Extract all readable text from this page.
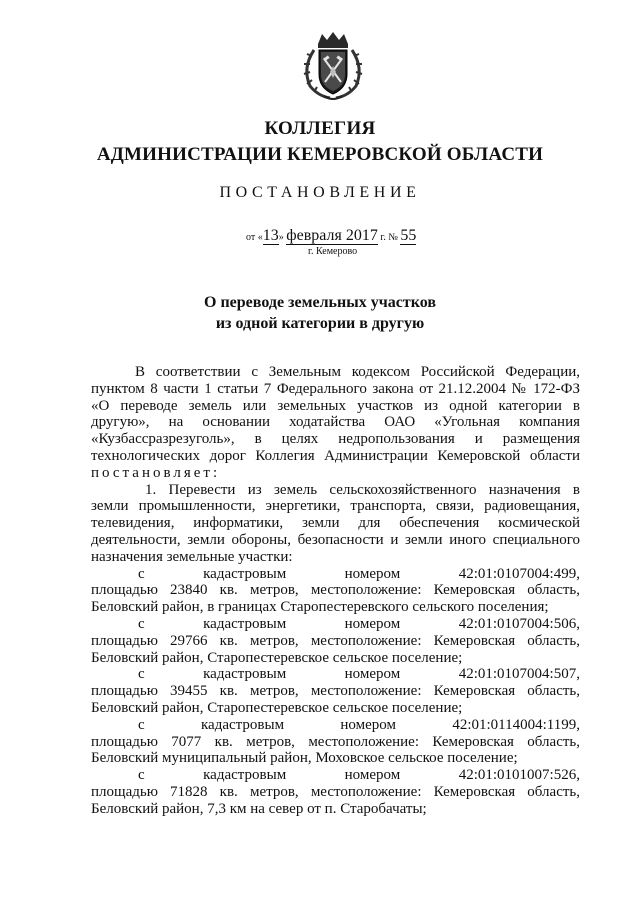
КОЛЛЕГИЯ
АДМИНИСТРАЦИИ КЕМЕРОВСКОЙ ОБЛАСТИ
ПОСТАНОВЛЕНИЕ
от «13» февраля 2017 г. № 55
г. Кемерово
О переводе земельных участков
из одной категории в другую
В соответствии с Земельным кодексом Российской Федерации,
пунктом 8 части 1 статьи 7 Федерального закона от 21.12.2004 № 172-ФЗ
«О переводе земель или земельных участков из одной категории в
другую», на основании ходатайства ОАО «Угольная компания
«Кузбассразрезуголь», в целях недропользования и размещения
технологических дорог Коллегия Администрации Кемеровской области
постановляет:
1. Перевести из земель сельскохозяйственного назначения в
земли промышленности, энергетики, транспорта, связи, радиовещания,
телевидения, информатики, земли для обеспечения космической
деятельности, земли обороны, безопасности и земли иного специального
назначения земельные участки:
с	кадастровым	номером	42:01:0107004:499,
площадью 23840 кв. метров, местоположение: Кемеровская область,
Беловский район, в границах Старопестеревского сельского поселения;
с	кадастровым	номером	42:01:0107004:506,
площадью 29766 кв. метров, местоположение: Кемеровская область,
Беловский район, Старопестеревское сельское поселение;
с	кадастровым	номером	42:01:0107004:507,
площадью 39455 кв. метров, местоположение: Кемеровская область,
Беловский район, Старопестеревское сельское поселение;
с	кадастровым	номером	42:01:0114004:1199,
площадью 7077 кв. метров, местоположение: Кемеровская область,
Беловский муниципальный район, Моховское сельское поселение;
с	кадастровым	номером	42:01:0101007:526,
площадью 71828 кв. метров, местоположение: Кемеровская область,
Беловский район, 7,3 км на север от п. Старобачаты;
